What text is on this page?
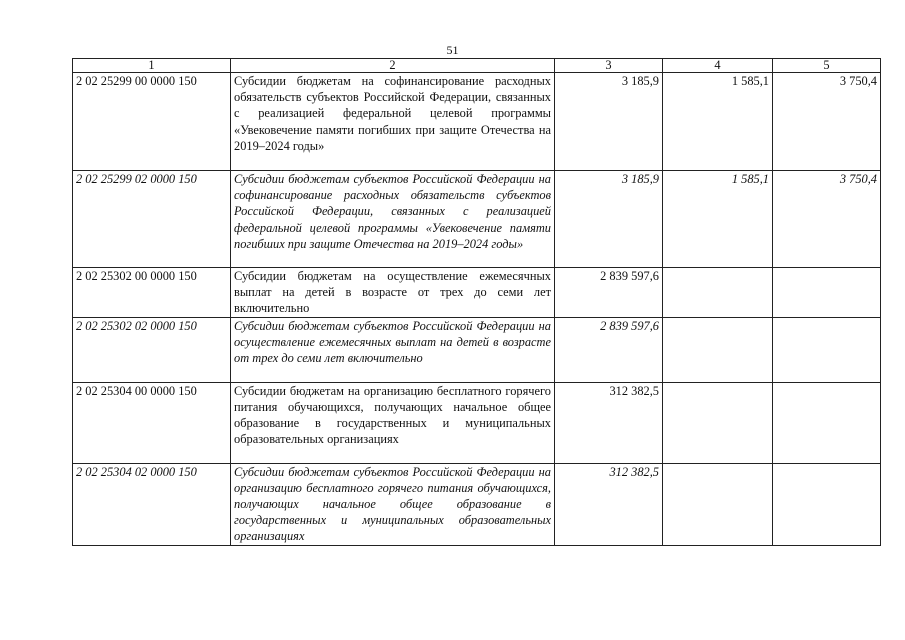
51
1	2	3	4	5
2 02 25299 00 0000 150	Субсидии бюджетам на софинансирование расходных обязательств субъектов Российской Федерации, связанных с реализацией федеральной целевой программы «Увековечение памяти погибших при защите Отечества на 2019–2024 годы»	3 185,9	1 585,1	3 750,4
2 02 25299 02 0000 150	Субсидии бюджетам субъектов Российской Федерации на софинансирование расходных обязательств субъектов Российской Федерации, связанных с реализацией федеральной целевой программы «Увековечение памяти погибших при защите Отечества на 2019–2024 годы»	3 185,9	1 585,1	3 750,4
2 02 25302 00 0000 150	Субсидии бюджетам на осуществление ежемесячных выплат на детей в возрасте от трех до семи лет включительно	2 839 597,6		
2 02 25302 02 0000 150	Субсидии бюджетам субъектов Российской Федерации на осуществление ежемесячных выплат на детей в возрасте от трех до семи лет включительно	2 839 597,6		
2 02 25304 00 0000 150	Субсидии бюджетам на организацию бесплатного горячего питания обучающихся, получающих начальное общее образование в государственных и муниципальных образовательных организациях	312 382,5		
2 02 25304 02 0000 150	Субсидии бюджетам субъектов Российской Федерации на организацию бесплатного горячего питания обучающихся, получающих начальное общее образование в государственных и муниципальных образовательных организациях	312 382,5		
